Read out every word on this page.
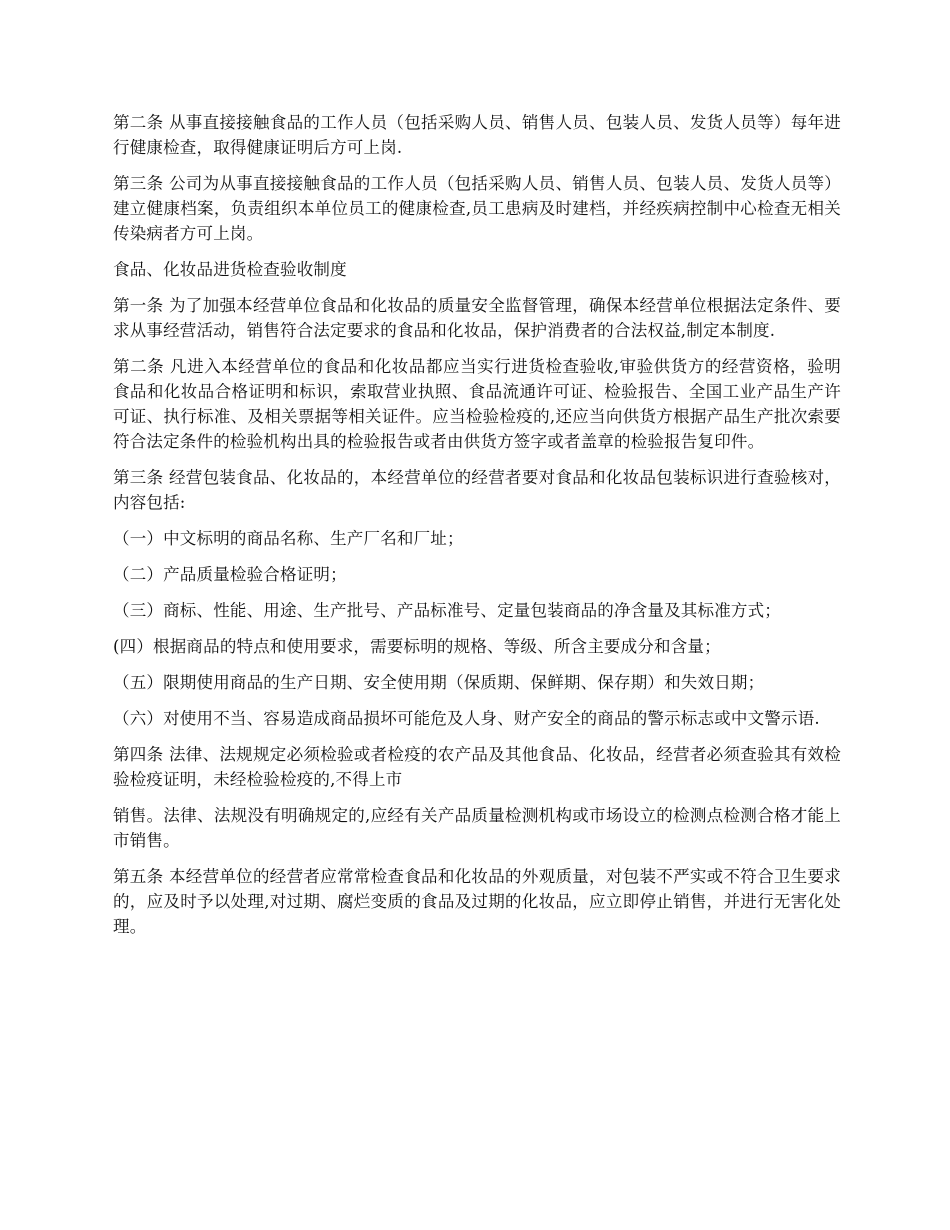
第二条 从事直接接触食品的工作人员（包括采购人员、销售人员、包装人员、发货人员等）每年进行健康检查，取得健康证明后方可上岗.

第三条 公司为从事直接接触食品的工作人员（包括采购人员、销售人员、包装人员、发货人员等）建立健康档案，负责组织本单位员工的健康检查,员工患病及时建档，并经疾病控制中心检查无相关传染病者方可上岗。

食品、化妆品进货检查验收制度

第一条 为了加强本经营单位食品和化妆品的质量安全监督管理，确保本经营单位根据法定条件、要求从事经营活动，销售符合法定要求的食品和化妆品，保护消费者的合法权益,制定本制度.

第二条 凡进入本经营单位的食品和化妆品都应当实行进货检查验收,审验供货方的经营资格，验明食品和化妆品合格证明和标识，索取营业执照、食品流通许可证、检验报告、全国工业产品生产许可证、执行标准、及相关票据等相关证件。应当检验检疫的,还应当向供货方根据产品生产批次索要符合法定条件的检验机构出具的检验报告或者由供货方签字或者盖章的检验报告复印件。

第三条 经营包装食品、化妆品的，本经营单位的经营者要对食品和化妆品包装标识进行查验核对，内容包括:

（一）中文标明的商品名称、生产厂名和厂址；

（二）产品质量检验合格证明；

（三）商标、性能、用途、生产批号、产品标准号、定量包装商品的净含量及其标准方式；

(四）根据商品的特点和使用要求，需要标明的规格、等级、所含主要成分和含量；

（五）限期使用商品的生产日期、安全使用期（保质期、保鲜期、保存期）和失效日期；

（六）对使用不当、容易造成商品损坏可能危及人身、财产安全的商品的警示标志或中文警示语.

第四条 法律、法规规定必须检验或者检疫的农产品及其他食品、化妆品，经营者必须查验其有效检验检疫证明，未经检验检疫的,不得上市

销售。法律、法规没有明确规定的,应经有关产品质量检测机构或市场设立的检测点检测合格才能上市销售。

第五条 本经营单位的经营者应常常检查食品和化妆品的外观质量，对包装不严实或不符合卫生要求的，应及时予以处理,对过期、腐烂变质的食品及过期的化妆品，应立即停止销售，并进行无害化处理。
